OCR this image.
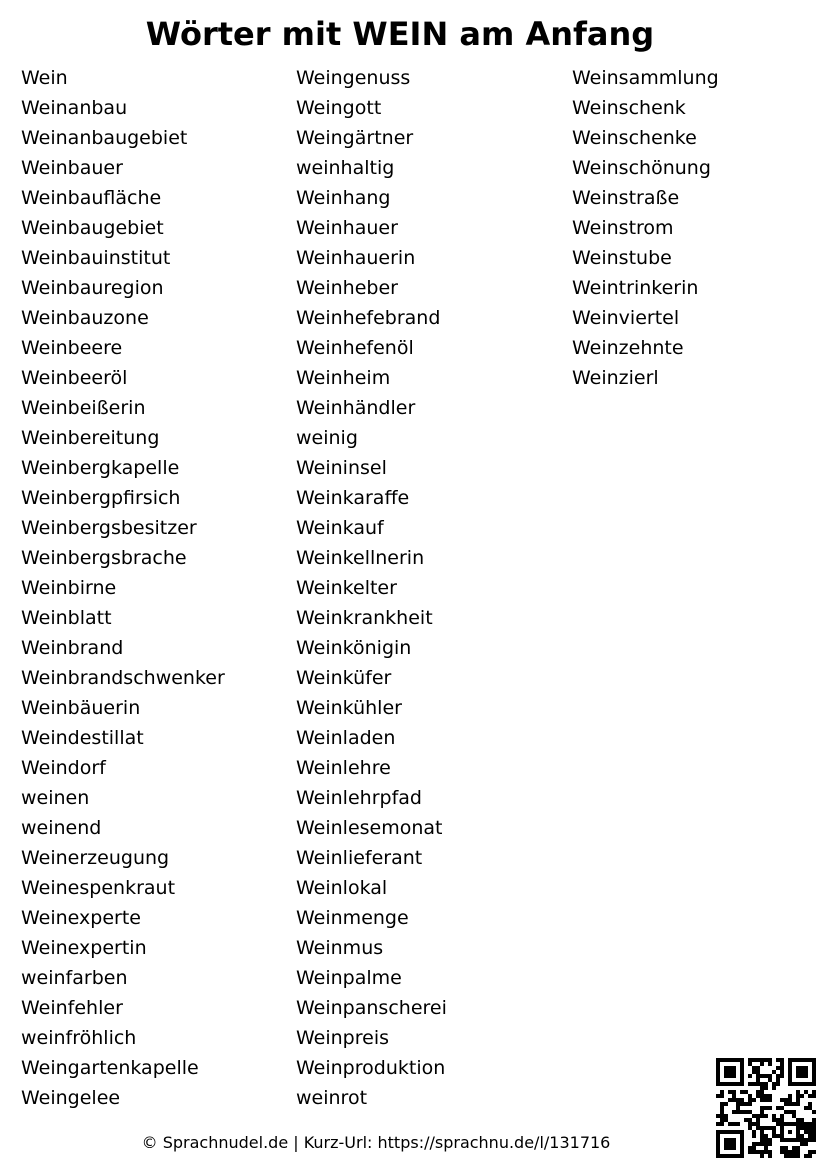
Wörter mit WEIN am Anfang
Wein
Weinanbau
Weinanbaugebiet
Weinbauer
Weinbaufläche
Weinbaugebiet
Weinbauinstitut
Weinbauregion
Weinbauzone
Weinbeere
Weinbeeröl
Weinbeißerin
Weinbereitung
Weinbergkapelle
Weinbergpfirsich
Weinbergsbesitzer
Weinbergsbrache
Weinbirne
Weinblatt
Weinbrand
Weinbrandschwenker
Weinbäuerin
Weindestillat
Weindorf
weinen
weinend
Weinerzeugung
Weinespenkraut
Weinexperte
Weinexpertin
weinfarben
Weinfehler
weinfröhlich
Weingartenkapelle
Weingelee
Weingenuss
Weingott
Weingärtner
weinhaltig
Weinhang
Weinhauer
Weinhauerin
Weinheber
Weinhefebrand
Weinhefenöl
Weinheim
Weinhändler
weinig
Weininsel
Weinkaraffe
Weinkauf
Weinkellnerin
Weinkelter
Weinkrankheit
Weinkönigin
Weinküfer
Weinkühler
Weinladen
Weinlehre
Weinlehrpfad
Weinlesemonat
Weinlieferant
Weinlokal
Weinmenge
Weinmus
Weinpalme
Weinpanscherei
Weinpreis
Weinproduktion
weinrot
Weinsammlung
Weinschenk
Weinschenke
Weinschönung
Weinstraße
Weinstrom
Weinstube
Weintrinkerin
Weinviertel
Weinzehnte
Weinzierl
© Sprachnudel.de | Kurz-Url: https://sprachnu.de/l/131716
